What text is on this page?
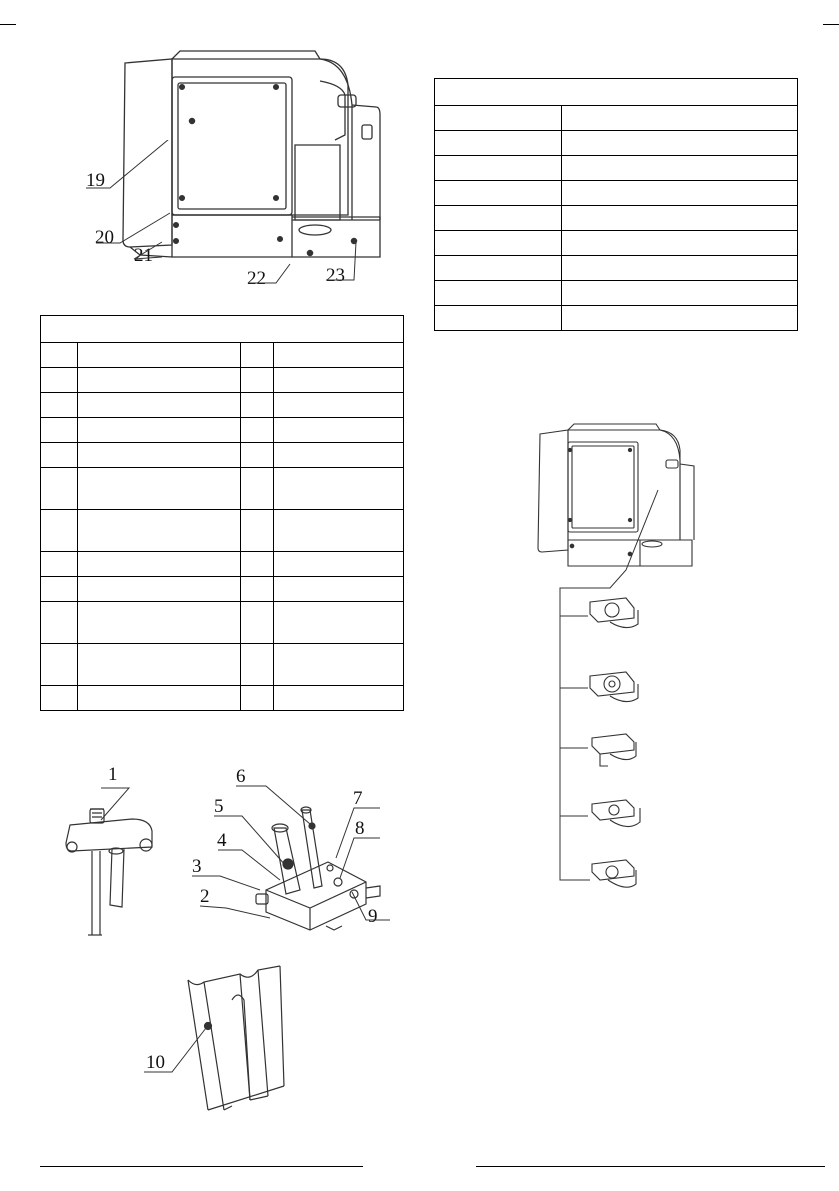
19
20
21
22	23

1
2
3
4
5
6
7
8
9
10
